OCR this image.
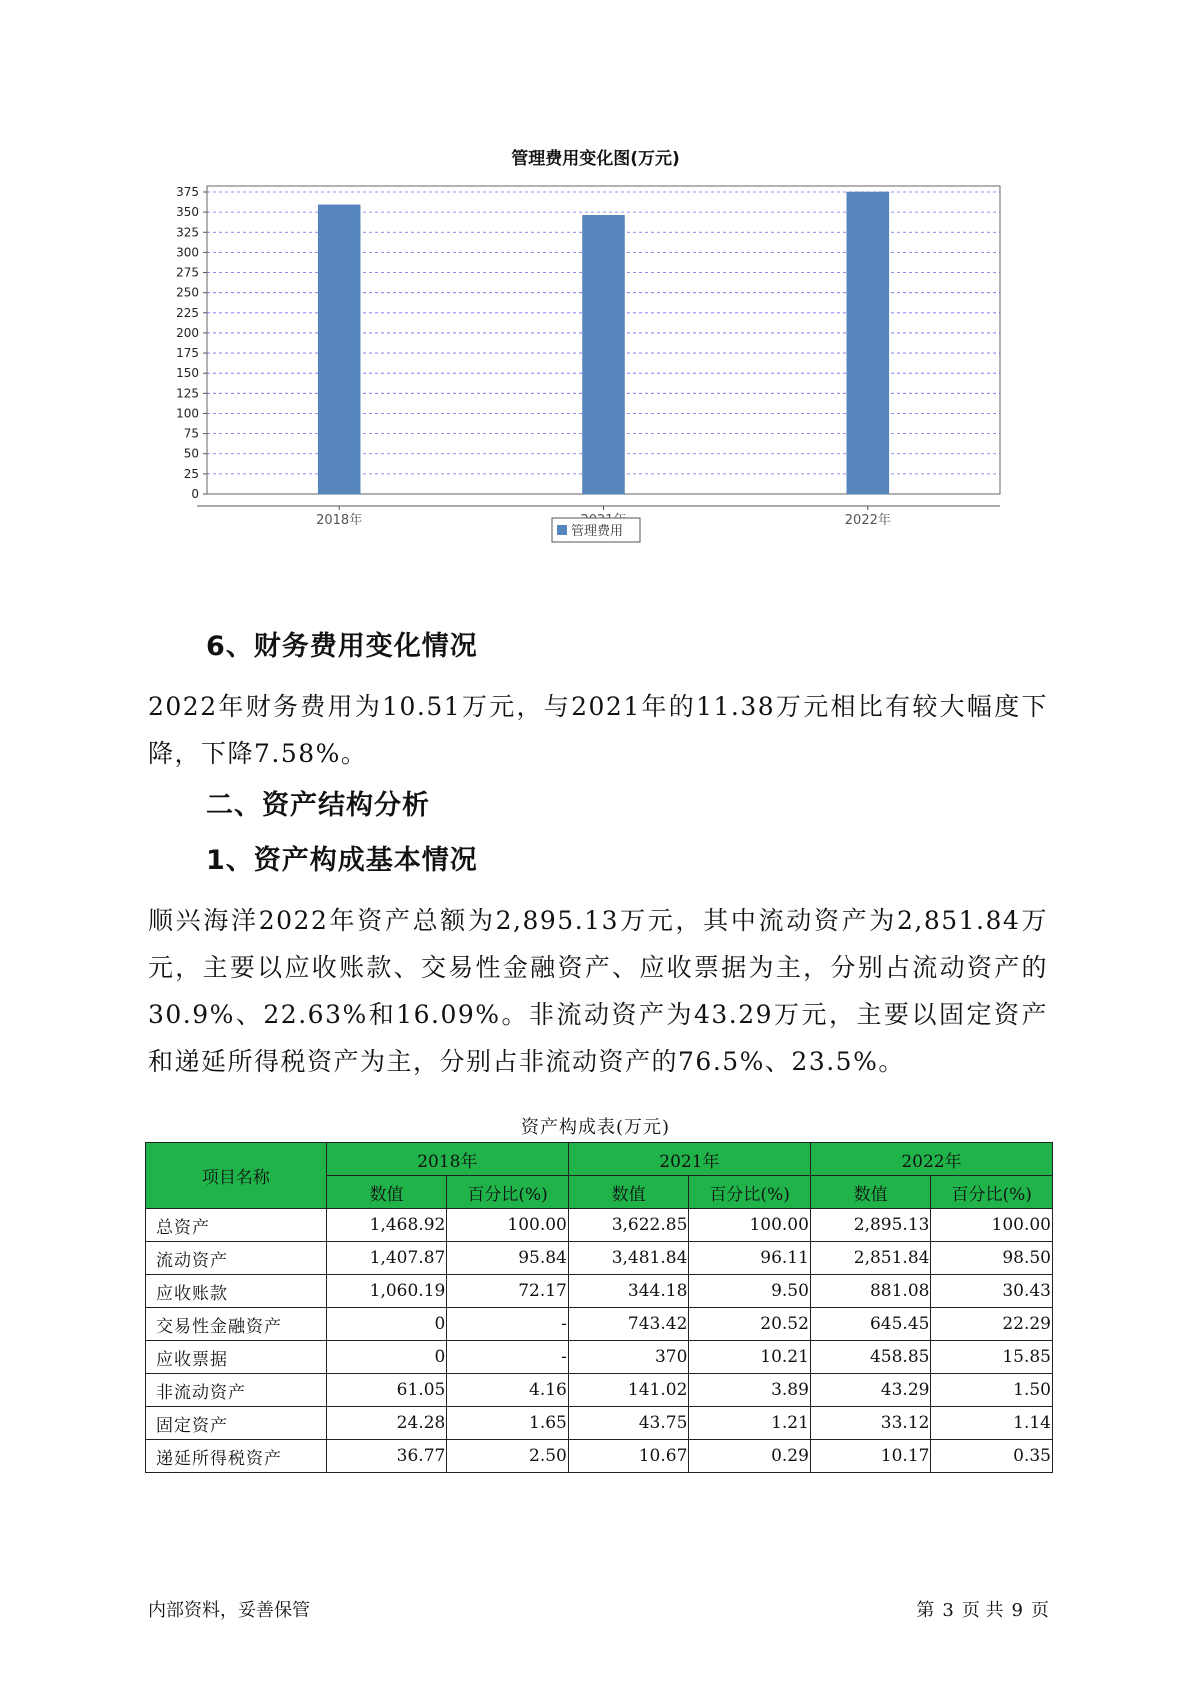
管理费用变化图(万元)
0
25
50
75
100
125
150
175
200
225
250
275
300
325
350
375
2018年	2022年
管理费用
6、财务费用变化情况

2022年财务费用为10.51万元，与2021年的11.38万元相比有较大幅度下降，下降7.58%。

二、资产结构分析
1、资产构成基本情况

顺兴海洋2022年资产总额为2,895.13万元，其中流动资产为2,851.84万元，主要以应收账款、交易性金融资产、应收票据为主，分别占流动资产的30.9%、22.63%和16.09%。非流动资产为43.29万元，主要以固定资产和递延所得税资产为主，分别占非流动资产的76.5%、23.5%。

资产构成表(万元)
项目名称	2018年		2021年		2022年	
	数值	百分比(%)	数值	百分比(%)	数值	百分比(%)
总资产	1,468.92	100.00	3,622.85	100.00	2,895.13	100.00
流动资产	1,407.87	95.84	3,481.84	96.11	2,851.84	98.50
应收账款	1,060.19	72.17	344.18	9.50	881.08	30.43
交易性金融资产	0	-	743.42	20.52	645.45	22.29
应收票据	0	-	370	10.21	458.85	15.85
非流动资产	61.05	4.16	141.02	3.89	43.29	1.50
固定资产	24.28	1.65	43.75	1.21	33.12	1.14
递延所得税资产	36.77	2.50	10.67	0.29	10.17	0.35
内部资料，妥善保管	第 3 页 共 9 页
